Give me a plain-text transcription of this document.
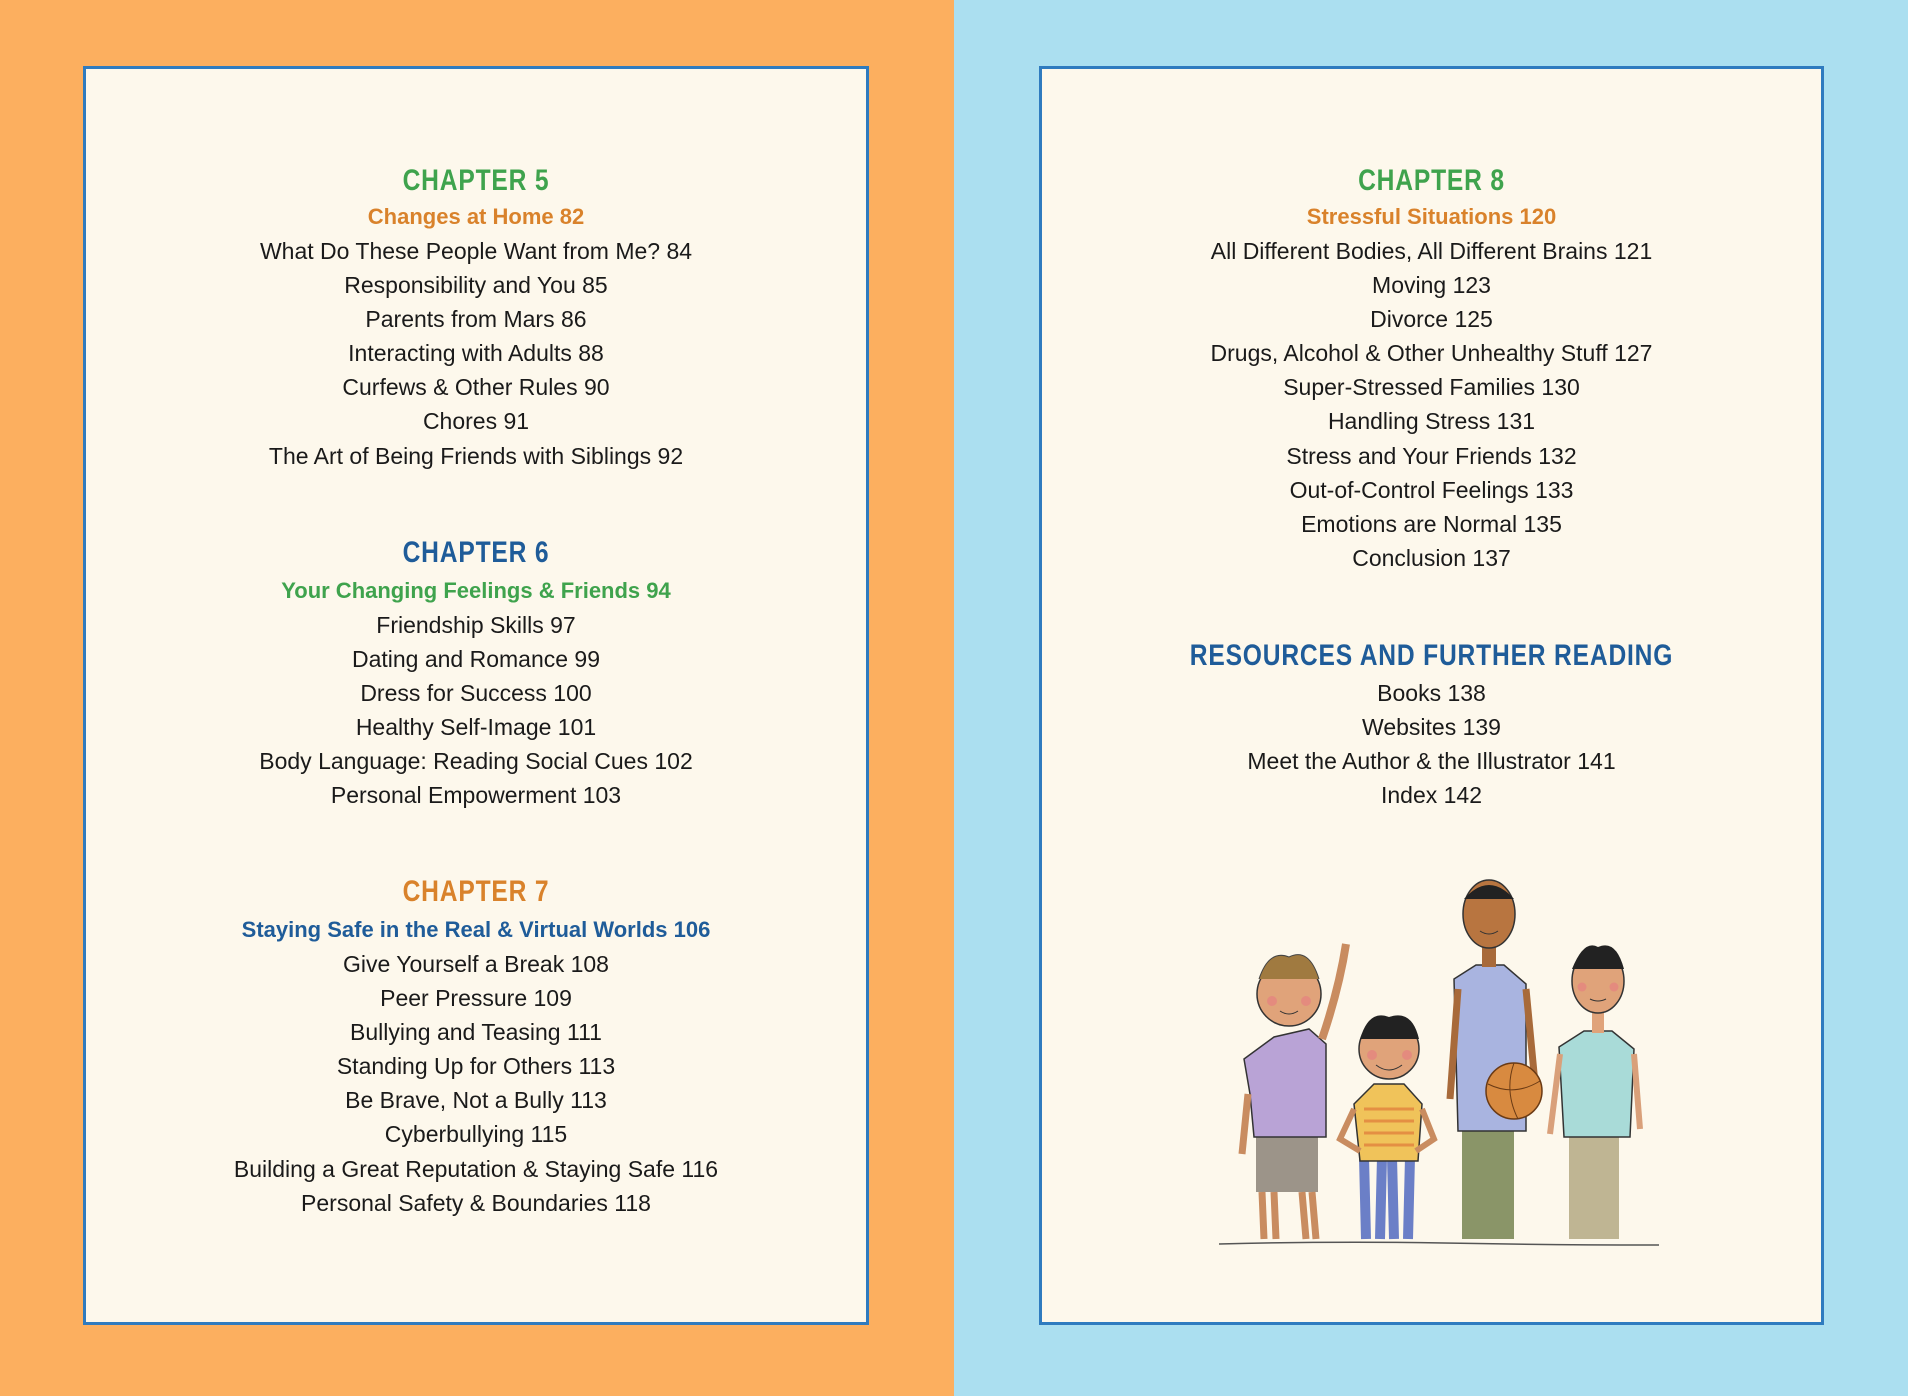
CHAPTER 5
Changes at Home 82
What Do These People Want from Me? 84
Responsibility and You 85
Parents from Mars 86
Interacting with Adults 88
Curfews & Other Rules 90
Chores 91
The Art of Being Friends with Siblings 92
CHAPTER 6
Your Changing Feelings & Friends 94
Friendship Skills 97
Dating and Romance 99
Dress for Success 100
Healthy Self-Image 101
Body Language: Reading Social Cues 102
Personal Empowerment 103
CHAPTER 7
Staying Safe in the Real & Virtual Worlds 106
Give Yourself a Break 108
Peer Pressure 109
Bullying and Teasing 111
Standing Up for Others 113
Be Brave, Not a Bully 113
Cyberbullying 115
Building a Great Reputation & Staying Safe 116
Personal Safety & Boundaries 118
CHAPTER 8
Stressful Situations 120
All Different Bodies, All Different Brains 121
Moving 123
Divorce 125
Drugs, Alcohol & Other Unhealthy Stuff 127
Super-Stressed Families 130
Handling Stress 131
Stress and Your Friends 132
Out-of-Control Feelings 133
Emotions are Normal 135
Conclusion 137
RESOURCES AND FURTHER READING
Books 138
Websites 139
Meet the Author & the Illustrator 141
Index 142
